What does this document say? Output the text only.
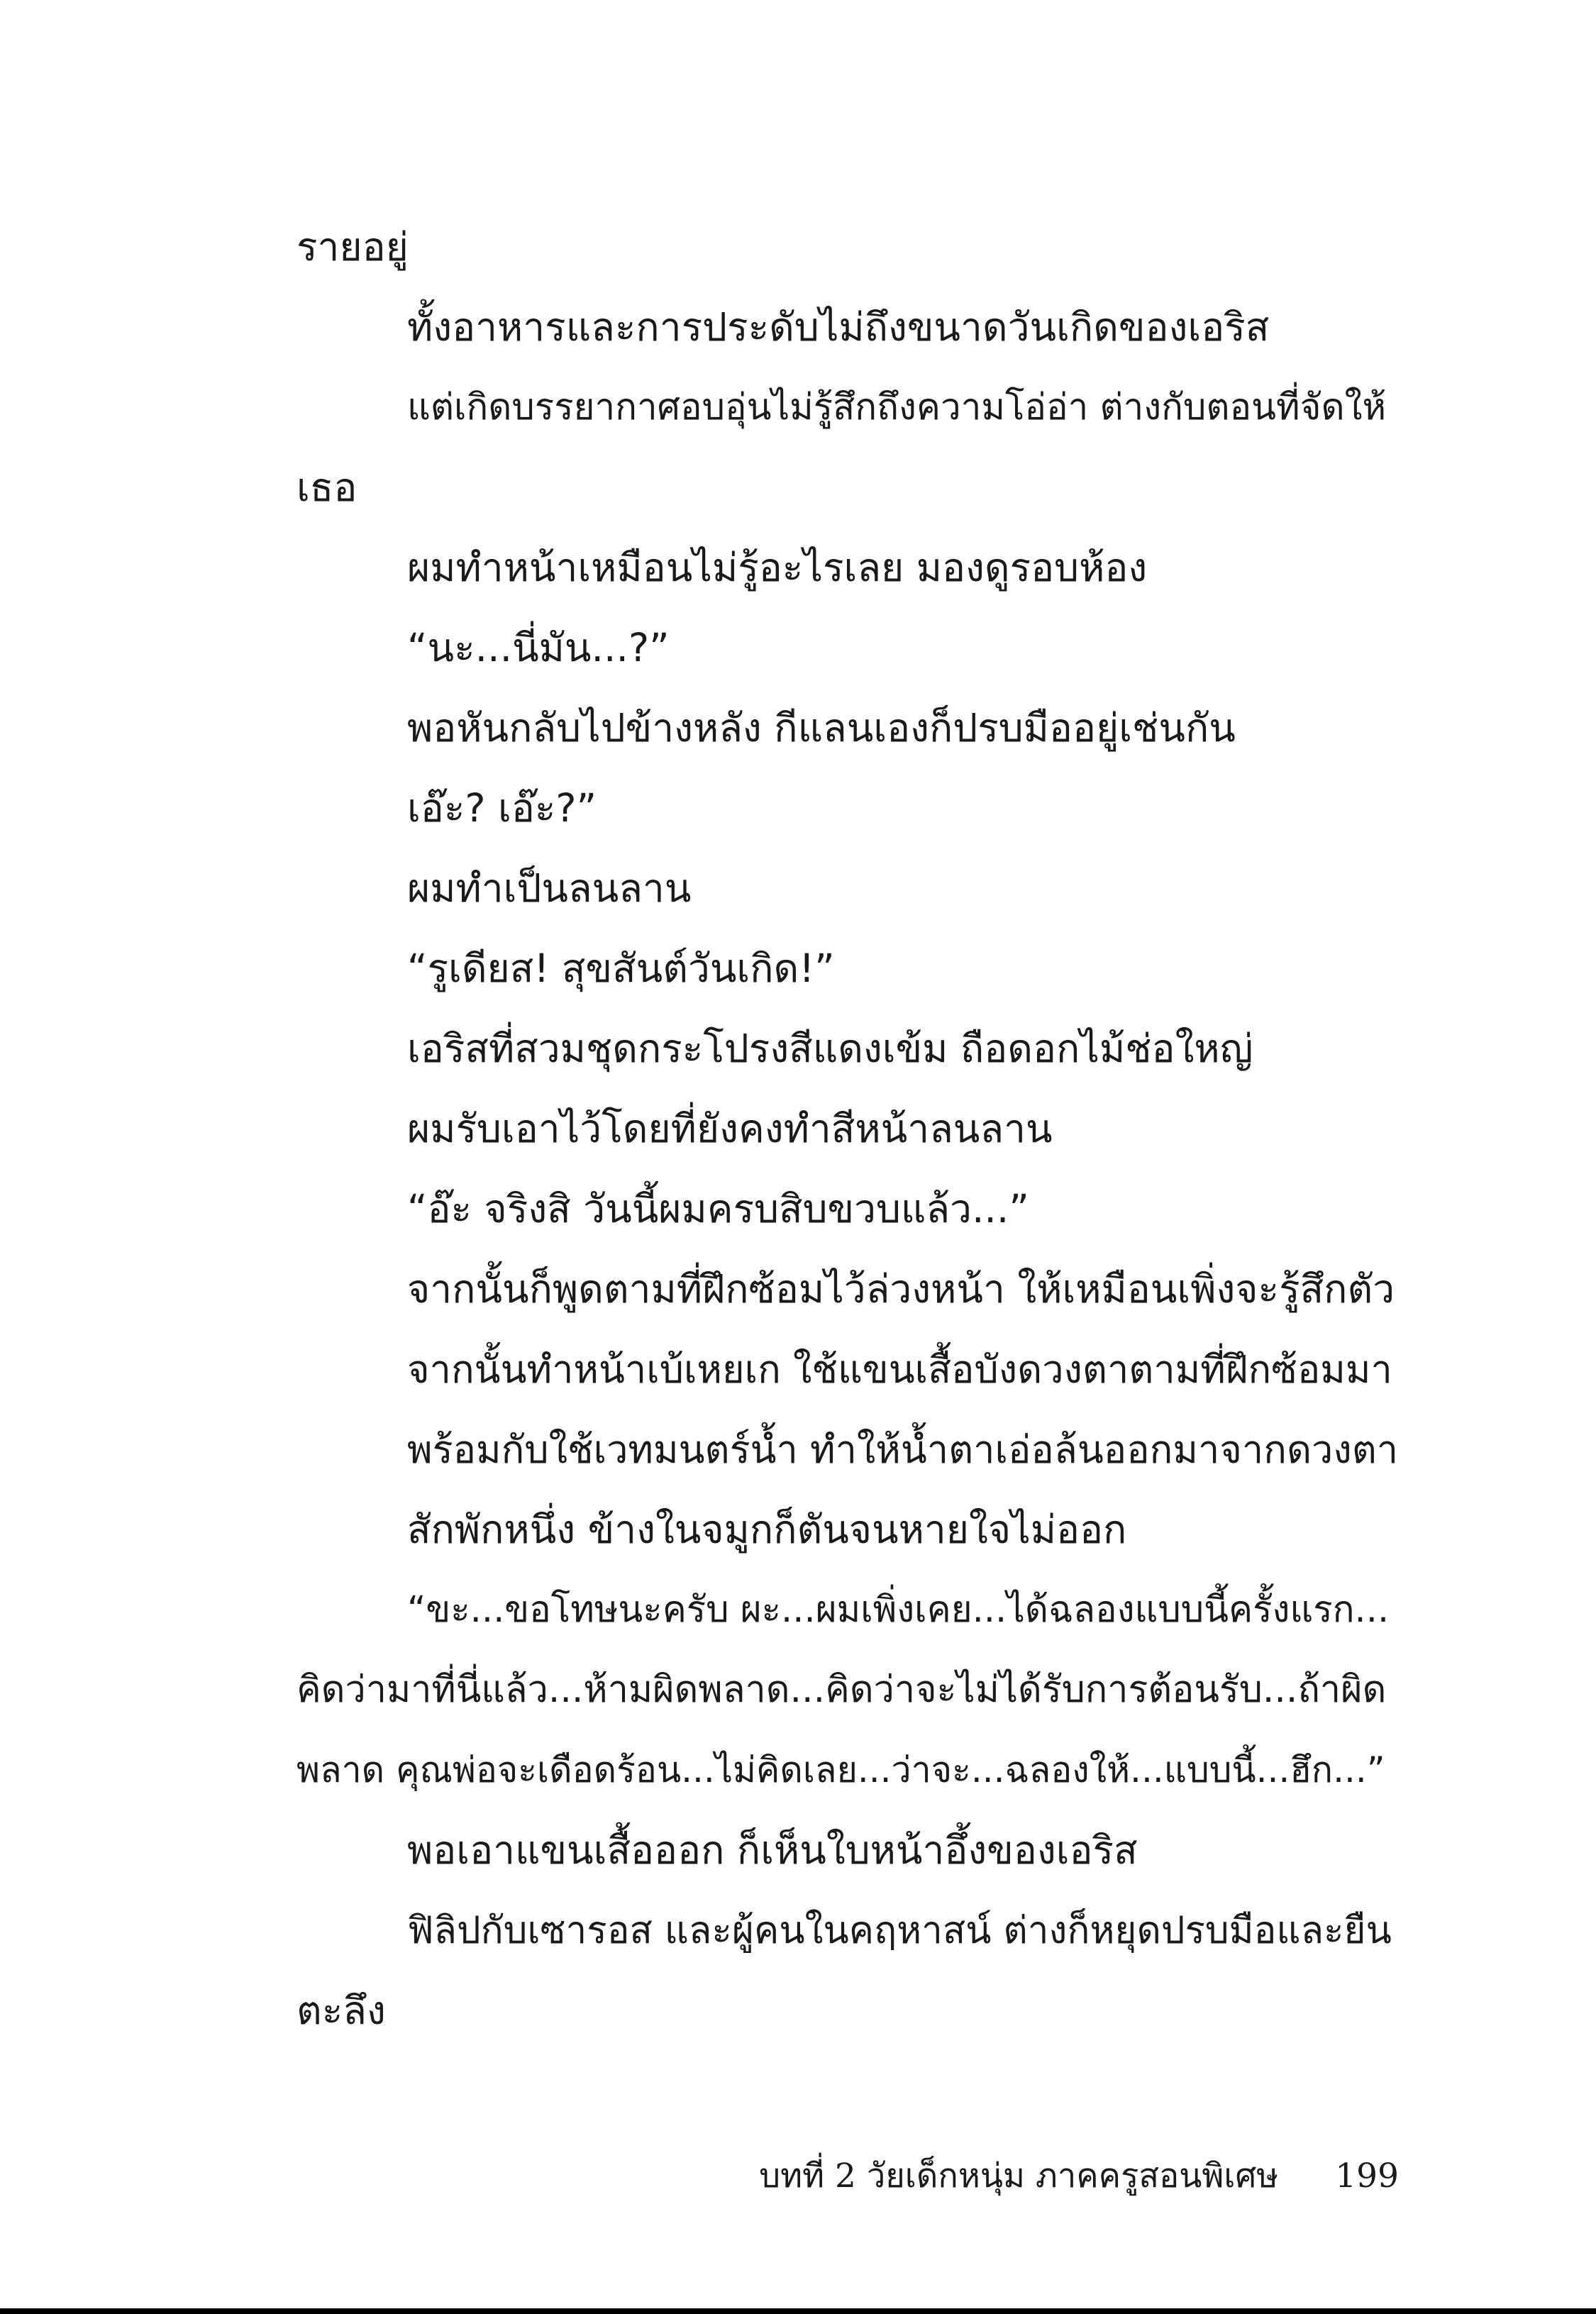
รายอยู่
ทั้งอาหารและการประดับไม่ถึงขนาดวันเกิดของเอริส
แต่เกิดบรรยากาศอบอุ่นไม่รู้สึกถึงความโอ่อ่า ต่างกับตอนที่จัดให้
เธอ
ผมทำหน้าเหมือนไม่รู้อะไรเลย มองดูรอบห้อง
“นะ...นี่มัน...?”
พอหันกลับไปข้างหลัง กีแลนเองก็ปรบมืออยู่เช่นกัน
เอ๊ะ? เอ๊ะ?”
ผมทำเป็นลนลาน
“รูเดียส! สุขสันต์วันเกิด!”
เอริสที่สวมชุดกระโปรงสีแดงเข้ม ถือดอกไม้ช่อใหญ่
ผมรับเอาไว้โดยที่ยังคงทำสีหน้าลนลาน
“อ๊ะ จริงสิ วันนี้ผมครบสิบขวบแล้ว...”
จากนั้นก็พูดตามที่ฝึกซ้อมไว้ล่วงหน้า ให้เหมือนเพิ่งจะรู้สึกตัว
จากนั้นทำหน้าเบ้เหยเก ใช้แขนเสื้อบังดวงตาตามที่ฝึกซ้อมมา
พร้อมกับใช้เวทมนตร์น้ำ ทำให้น้ำตาเอ่อล้นออกมาจากดวงตา
สักพักหนึ่ง ข้างในจมูกก็ตันจนหายใจไม่ออก
“ขะ...ขอโทษนะครับ ผะ...ผมเพิ่งเคย...ได้ฉลองแบบนี้ครั้งแรก...
คิดว่ามาที่นี่แล้ว...ห้ามผิดพลาด...คิดว่าจะไม่ได้รับการต้อนรับ...ถ้าผิด
พลาด คุณพ่อจะเดือดร้อน...ไม่คิดเลย...ว่าจะ...ฉลองให้...แบบนี้...ฮึก...”
พอเอาแขนเสื้อออก ก็เห็นใบหน้าอึ้งของเอริส
ฟิลิปกับเซารอส และผู้คนในคฤหาสน์ ต่างก็หยุดปรบมือและยืน
ตะลึง
บทที่ 2 วัยเด็กหนุ่ม ภาคครูสอนพิเศษ 199
